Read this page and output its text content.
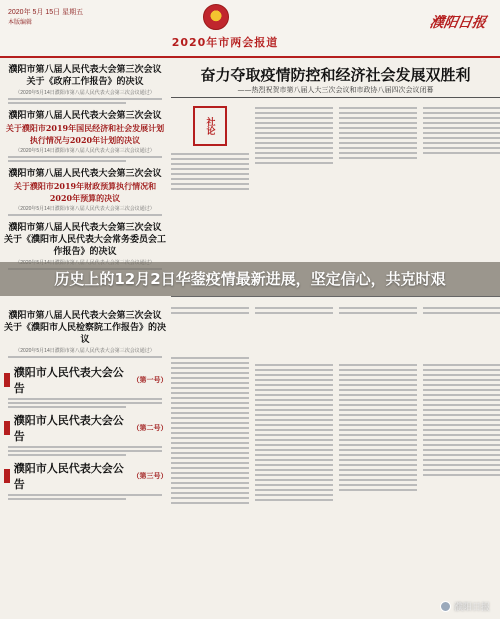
2020年 5月 15日 星期五
本版编辑
2020年市两会报道
濮阳日报
濮阳市第八届人民代表大会第三次会议
关于《政府工作报告》的决议
（2020年5月14日濮阳市第八届人民代表大会第三次会议通过）
濮阳市第八届人民代表大会第三次会议
关于濮阳市2019年国民经济和社会发展计划执行情况与2020年计划的决议
（2020年5月14日濮阳市第八届人民代表大会第三次会议通过）
濮阳市第八届人民代表大会第三次会议
关于濮阳市2019年财政预算执行情况和2020年预算的决议
（2020年5月14日濮阳市第八届人民代表大会第三次会议通过）
濮阳市第八届人民代表大会第三次会议
关于《濮阳市人民代表大会常务委员会工作报告》的决议
濮阳市第八届人民代表大会第三次会议
关于《濮阳市人民检察院工作报告》的决议
（2020年5月14日濮阳市第八届人民代表大会第三次会议通过）
濮阳市人民代表大会公告
（第一号）
濮阳市人民代表大会公告
（第二号）
濮阳市人民代表大会公告
（第三号）
奋力夺取疫情防控和经济社会发展双胜利
——热烈祝贺市第八届人大三次会议和市政协八届四次会议闭幕
社论
历史上的12月2日华蓥疫情最新进展，坚定信心，共克时艰
濮阳日报
